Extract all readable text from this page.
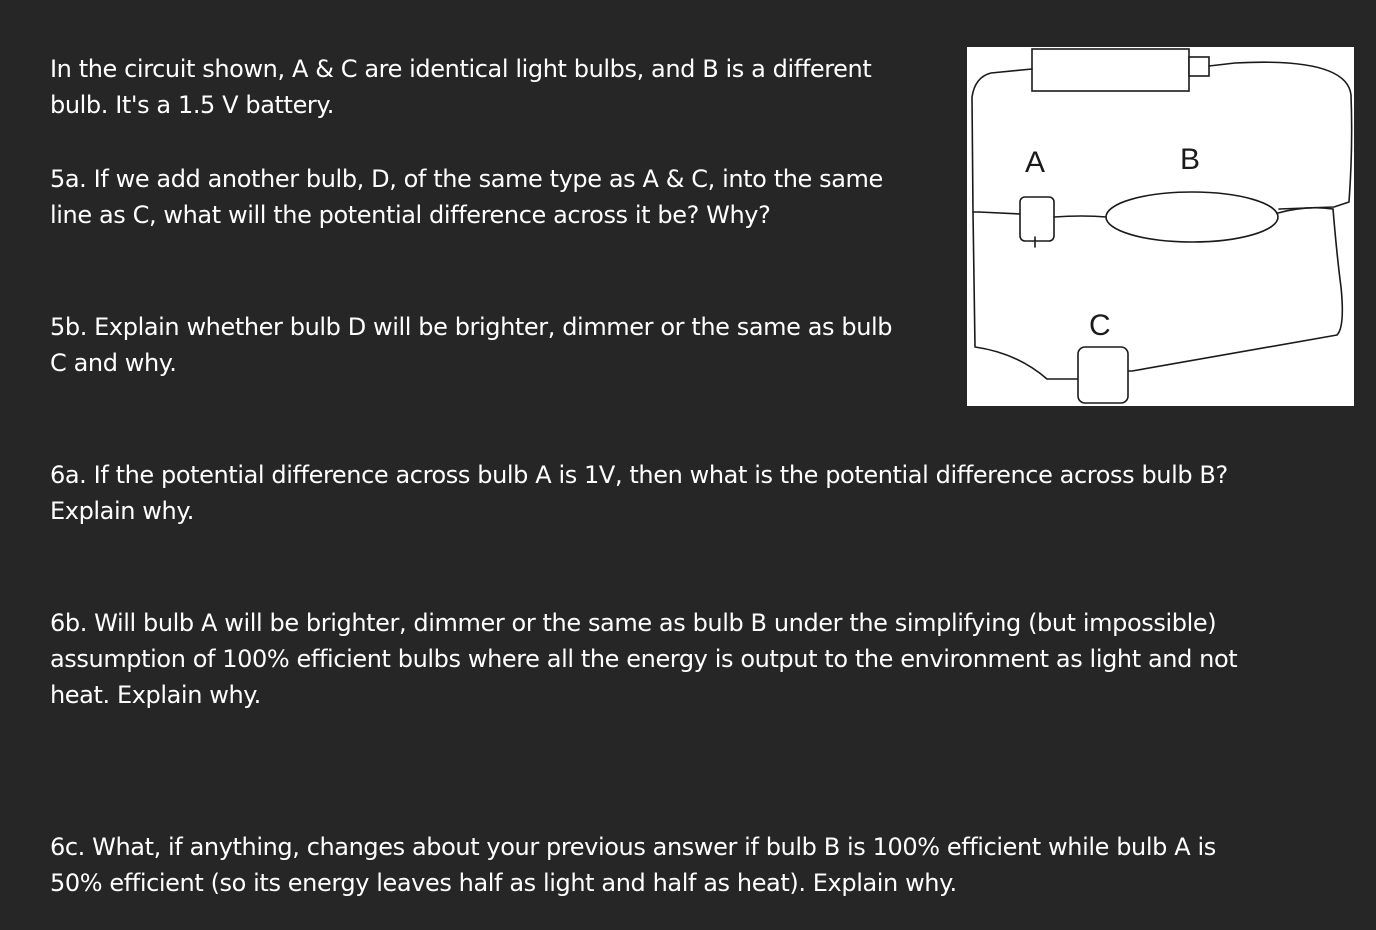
In the circuit shown, A & C are identical light bulbs, and B is a different
bulb. It's a 1.5 V battery.

5a. If we add another bulb, D, of the same type as A & C, into the same
line as C, what will the potential difference across it be? Why?

5b. Explain whether bulb D will be brighter, dimmer or the same as bulb
C and why.

A	B
C

6a. If the potential difference across bulb A is 1V, then what is the potential difference across bulb B?
Explain why.

6b. Will bulb A will be brighter, dimmer or the same as bulb B under the simplifying (but impossible)
assumption of 100% efficient bulbs where all the energy is output to the environment as light and not
heat. Explain why.

6c. What, if anything, changes about your previous answer if bulb B is 100% efficient while bulb A is
50% efficient (so its energy leaves half as light and half as heat). Explain why.
